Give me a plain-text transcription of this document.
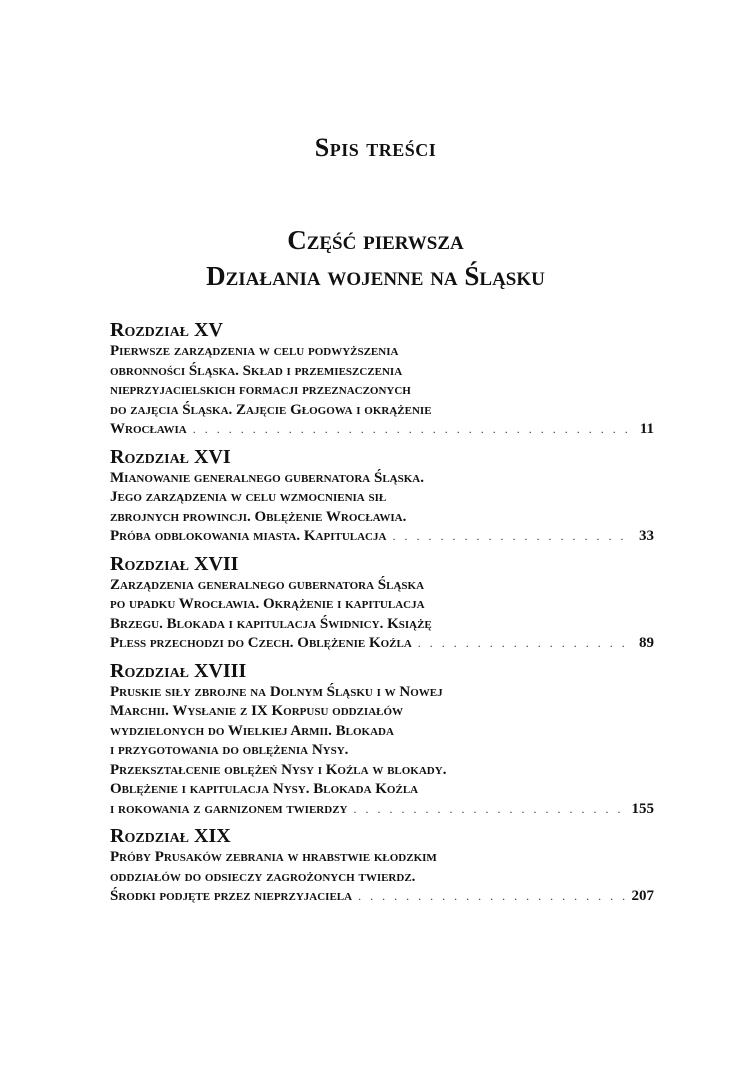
Spis treści
Część pierwsza
Działania wojenne na Śląsku
Rozdział XV
Pierwsze zarządzenia w celu podwyższenia
obronności Śląska. Skład i przemieszczenia
nieprzyjacielskich formacji przeznaczonych
do zajęcia Śląska. Zajęcie Głogowa i okrążenie
Wrocławia . . .	11
Rozdział XVI
Mianowanie generalnego gubernatora Śląska.
Jego zarządzenia w celu wzmocnienia sił
zbrojnych prowincji. Oblężenie Wrocławia.
Próba odblokowania miasta. Kapitulacja . . .	33
Rozdział XVII
Zarządzenia generalnego gubernatora Śląska
po upadku Wrocławia. Okrążenie i kapitulacja
Brzegu. Blokada i kapitulacja Świdnicy. Książę
Pless przechodzi do Czech. Oblężenie Koźla . . .	89
Rozdział XVIII
Pruskie siły zbrojne na Dolnym Śląsku i w Nowej
Marchii. Wysłanie z IX Korpusu oddziałów
wydzielonych do Wielkiej Armii. Blokada
i przygotowania do oblężenia Nysy.
Przekształcenie oblężeń Nysy i Koźla w blokady.
Oblężenie i kapitulacja Nysy. Blokada Koźla
i rokowania z garnizonem twierdzy . . .	155
Rozdział XIX
Próby Prusaków zebrania w hrabstwie kłodzkim
oddziałów do odsieczy zagrożonych twierdz.
Środki podjęte przez nieprzyjaciela . . .	207
